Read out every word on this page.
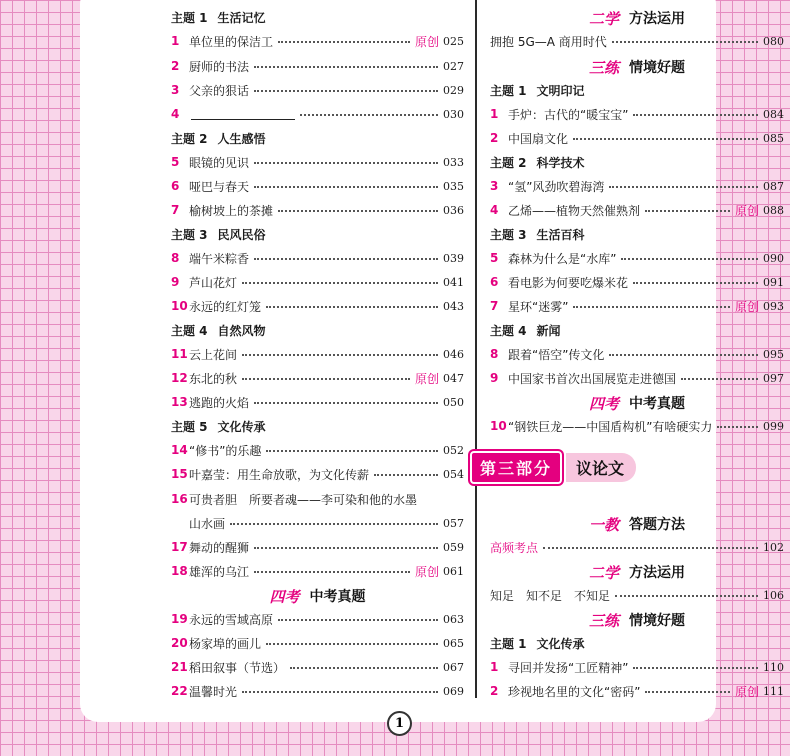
主题 1 生活记忆
1 单位里的保洁工	原创 025
2 厨师的书法	027
3 父亲的狠话	029
4	030
主题 2 人生感悟
5 眼镜的见识	033
6 哑巴与春天	035
7 榆树坡上的茶摊	036
主题 3 民风民俗
8 端午米粽香	039
9 芦山花灯	041
10 永远的红灯笼	043
主题 4 自然风物
11 云上花间	046
12 东北的秋	原创 047
13 逃跑的火焰	050
主题 5 文化传承
14 “修书”的乐趣	052
15 叶嘉莹：用生命放歌，为文化传薪	054
16 可贵者胆　所要者魂——李可染和他的水墨
山水画	057
17 舞动的醒狮	059
18 雄浑的乌江	原创 061
四考 中考真题
19 永远的雪域高原	063
20 杨家埠的画儿	065
21 稻田叙事（节选）	067
22 温馨时光	069
二学 方法运用
拥抱 5G—A 商用时代	080
三练 情境好题
主题 1 文明印记
1 手炉：古代的“暖宝宝”	084
2 中国扇文化	085
主题 2 科学技术
3 “氢”风劲吹碧海湾	087
4 乙烯——植物天然催熟剂	原创 088
主题 3 生活百科
5 森林为什么是“水库”	090
6 看电影为何要吃爆米花	091
7 星环“迷雾”	原创 093
主题 4 新闻
8 跟着“悟空”传文化	095
9 中国家书首次出国展览走进德国	097
四考 中考真题
10 “钢铁巨龙——中国盾构机”有啥硬实力	099
一教 答题方法
高频考点	102
二学 方法运用
知足　知不足　不知足	106
三练 情境好题
主题 1 文化传承
1 寻回并发扬“工匠精神”	110
2 珍视地名里的文化“密码”	原创 111
第三部分	议论文
1
